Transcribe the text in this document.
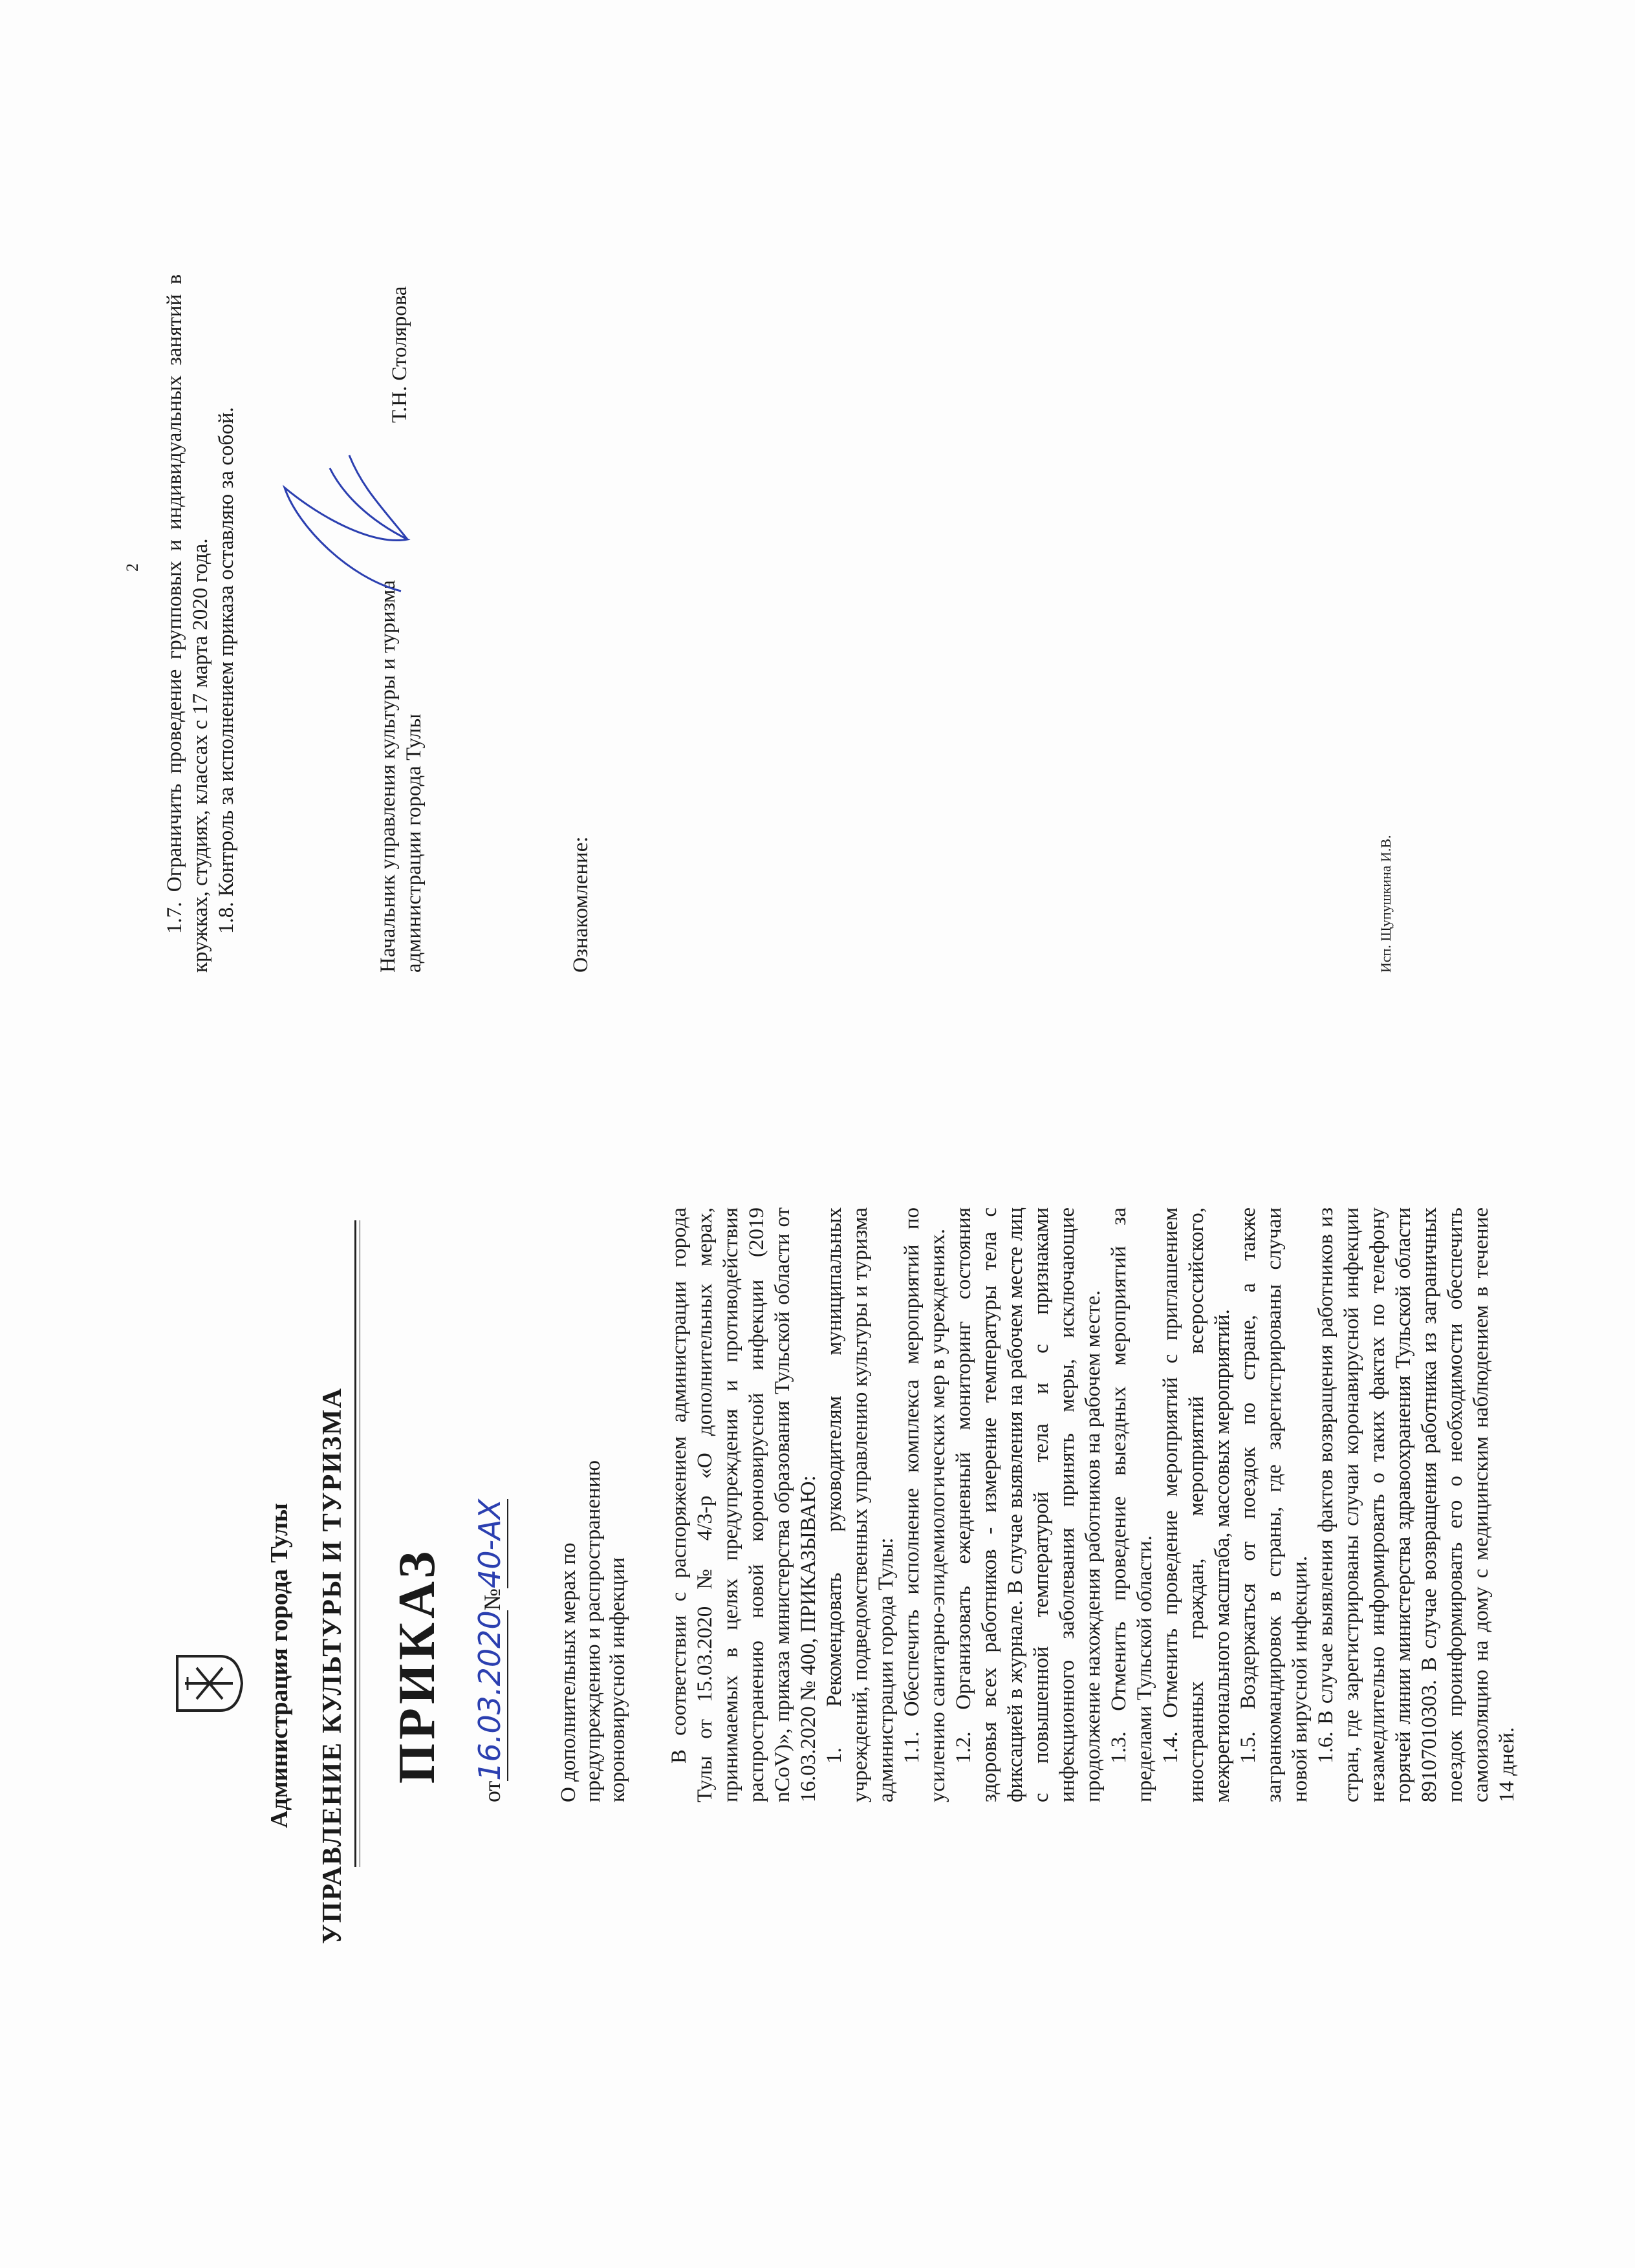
Администрация города Тулы УПРАВЛЕНИЕ КУЛЬТУРЫ И ТУРИЗМА ПРИКАЗ
от16.03.2020№40-АХ О дополнительных мерах по предупреждению и распространению короновирусной инфекции В соответствии с распоряжением администрации города Тулы от 15.03.2020 № 4/3-р «О дополнительных мерах, принимаемых в целях предупреждения и противодействия распространению новой короновирусной инфекции (2019 nCoV)», приказа министерства образования Тульской области от 16.03.2020 № 400, ПРИКАЗЫВАЮ: 1. Рекомендовать руководителям муниципальных учреждений, подведомственных управлению культуры и туризма администрации города Тулы: 1.1. Обеспечить исполнение комплекса мероприятий по усилению санитарно-эпидемиологических мер в учреждениях. 1.2. Организовать ежедневный мониторинг состояния здоровья всех работников - измерение температуры тела с фиксацией в журнале. В случае выявления на рабочем месте лиц с повышенной температурой тела и с признаками инфекционного заболевания принять меры, исключающие продолжение нахождения работников на рабочем месте. 1.3. Отменить проведение выездных мероприятий за пределами Тульской области. 1.4. Отменить проведение мероприятий с приглашением иностранных граждан, мероприятий всероссийского, межрегионального масштаба, массовых мероприятий. 1.5. Воздержаться от поездок по стране, а также загранкомандировок в страны, где зарегистрированы случаи новой вирусной инфекции. 1.6. В случае выявления фактов возвращения работников из стран, где зарегистрированы случаи коронавирусной инфекции незамедлительно информировать о таких фактах по телефону горячей линии министерства здравоохранения Тульской области 89107010303. В случае возвращения работника из заграничных поездок проинформировать его о необходимости обеспечить самоизоляцию на дому с медицинским наблюдением в течение 14 дней.

2 1.7. Ограничить проведение групповых и индивидуальных занятий в кружках, студиях, классах с 17 марта 2020 года. 1.8. Контроль за исполнением приказа оставляю за собой.	Начальник управления культуры и туризма администрации города Тулы
Т.Н. Столярова
Ознакомление:	Исп. Щупушкина И.В.
